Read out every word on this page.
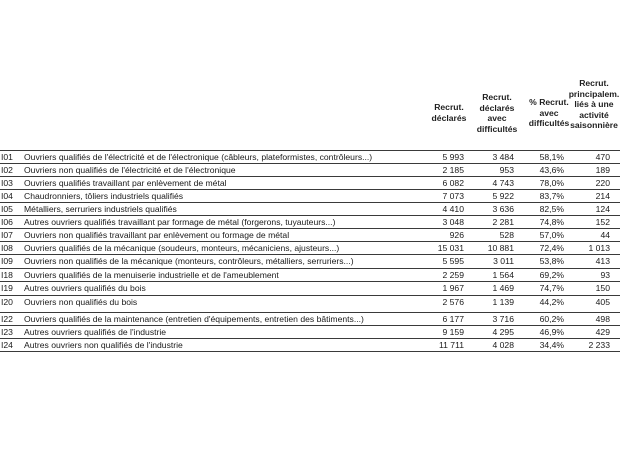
Recrut. déclarés
Recrut. déclarés avec difficultés
% Recrut. avec difficultés
Recrut. principalem. liés à une activité saisonnière
I01	Ouvriers qualifiés de l'électricité et de l'électronique (câbleurs, plateformistes, contrôleurs...)	5 993	3 484	58,1%	470
I02	Ouvriers non qualifiés de l'électricité et de l'électronique	2 185	953	43,6%	189
I03	Ouvriers qualifiés travaillant par enlèvement de métal	6 082	4 743	78,0%	220
I04	Chaudronniers, tôliers industriels qualifiés	7 073	5 922	83,7%	214
I05	Métalliers, serruriers industriels qualifiés	4 410	3 636	82,5%	124
I06	Autres ouvriers qualifiés travaillant par formage de métal (forgerons, tuyauteurs...)	3 048	2 281	74,8%	152
I07	Ouvriers non qualifiés travaillant par enlèvement ou formage de métal	926	528	57,0%	44
I08	Ouvriers qualifiés de la mécanique (soudeurs, monteurs, mécaniciens, ajusteurs...)	15 031	10 881	72,4%	1 013
I09	Ouvriers non qualifiés de la mécanique (monteurs, contrôleurs, métalliers, serruriers...)	5 595	3 011	53,8%	413
I18	Ouvriers qualifiés de la menuiserie industrielle et de l'ameublement	2 259	1 564	69,2%	93
I19	Autres ouvriers qualifiés du bois	1 967	1 469	74,7%	150
I20	Ouvriers non qualifiés du bois	2 576	1 139	44,2%	405
I22	Ouvriers qualifiés de la maintenance (entretien d'équipements, entretien des bâtiments...)	6 177	3 716	60,2%	498
I23	Autres ouvriers qualifiés de l'industrie	9 159	4 295	46,9%	429
I24	Autres ouvriers non qualifiés de l'industrie	11 711	4 028	34,4%	2 233
